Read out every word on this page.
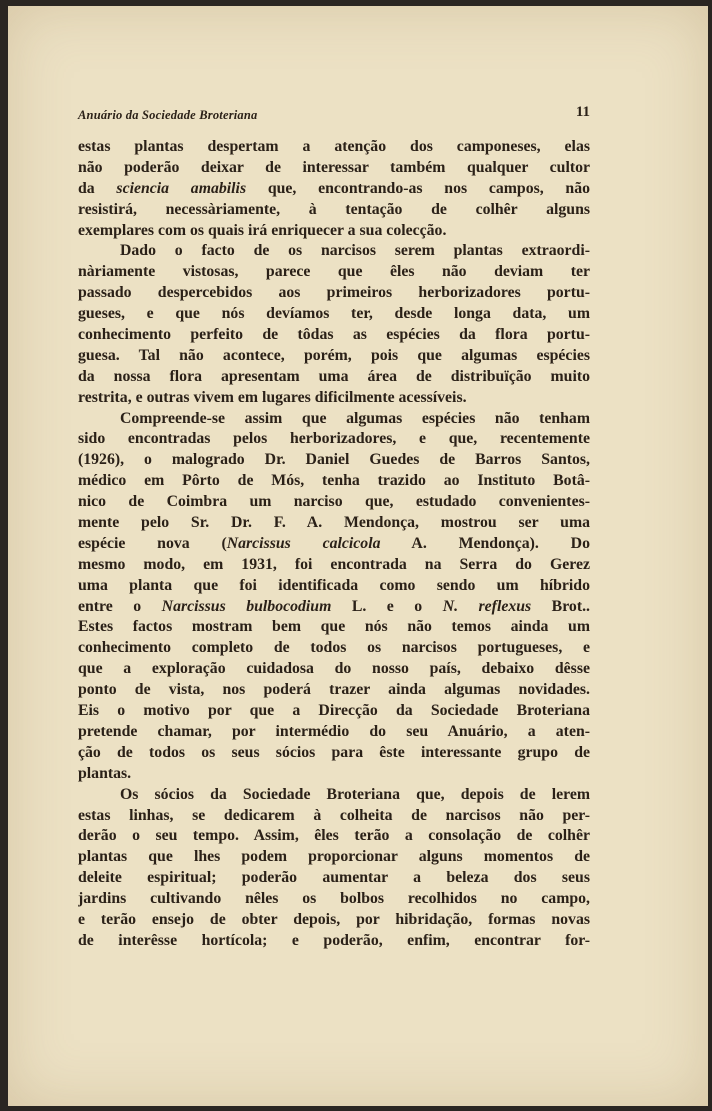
Anuário da Sociedade Broteriana	11
estas plantas despertam a atenção dos camponeses, elas
não poderão deixar de interessar também qualquer cultor
da sciencia amabilis que, encontrando-as nos campos, não
resistirá, necessàriamente, à tentação de colhêr alguns
exemplares com os quais irá enriquecer a sua colecção.
Dado o facto de os narcisos serem plantas extraordi-
nàriamente vistosas, parece que êles não deviam ter
passado despercebidos aos primeiros herborizadores portu-
gueses, e que nós devíamos ter, desde longa data, um
conhecimento perfeito de tôdas as espécies da flora portu-
guesa. Tal não acontece, porém, pois que algumas espécies
da nossa flora apresentam uma área de distribuïção muito
restrita, e outras vivem em lugares dificilmente acessíveis.
Compreende-se assim que algumas espécies não tenham
sido encontradas pelos herborizadores, e que, recentemente
(1926), o malogrado Dr. Daniel Guedes de Barros Santos,
médico em Pôrto de Mós, tenha trazido ao Instituto Botâ-
nico de Coimbra um narciso que, estudado convenientes-
mente pelo Sr. Dr. F. A. Mendonça, mostrou ser uma
espécie nova (Narcissus calcicola A. Mendonça). Do
mesmo modo, em 1931, foi encontrada na Serra do Gerez
uma planta que foi identificada como sendo um híbrido
entre o Narcissus bulbocodium L. e o N. reflexus Brot..
Estes factos mostram bem que nós não temos ainda um
conhecimento completo de todos os narcisos portugueses, e
que a exploração cuidadosa do nosso país, debaixo dêsse
ponto de vista, nos poderá trazer ainda algumas novidades.
Eis o motivo por que a Direcção da Sociedade Broteriana
pretende chamar, por intermédio do seu Anuário, a aten-
ção de todos os seus sócios para êste interessante grupo de
plantas.
Os sócios da Sociedade Broteriana que, depois de lerem
estas linhas, se dedicarem à colheita de narcisos não per-
derão o seu tempo. Assim, êles terão a consolação de colhêr
plantas que lhes podem proporcionar alguns momentos de
deleite espiritual; poderão aumentar a beleza dos seus
jardins cultivando nêles os bolbos recolhidos no campo,
e terão ensejo de obter depois, por hibridação, formas novas
de interêsse hortícola; e poderão, enfim, encontrar for-
